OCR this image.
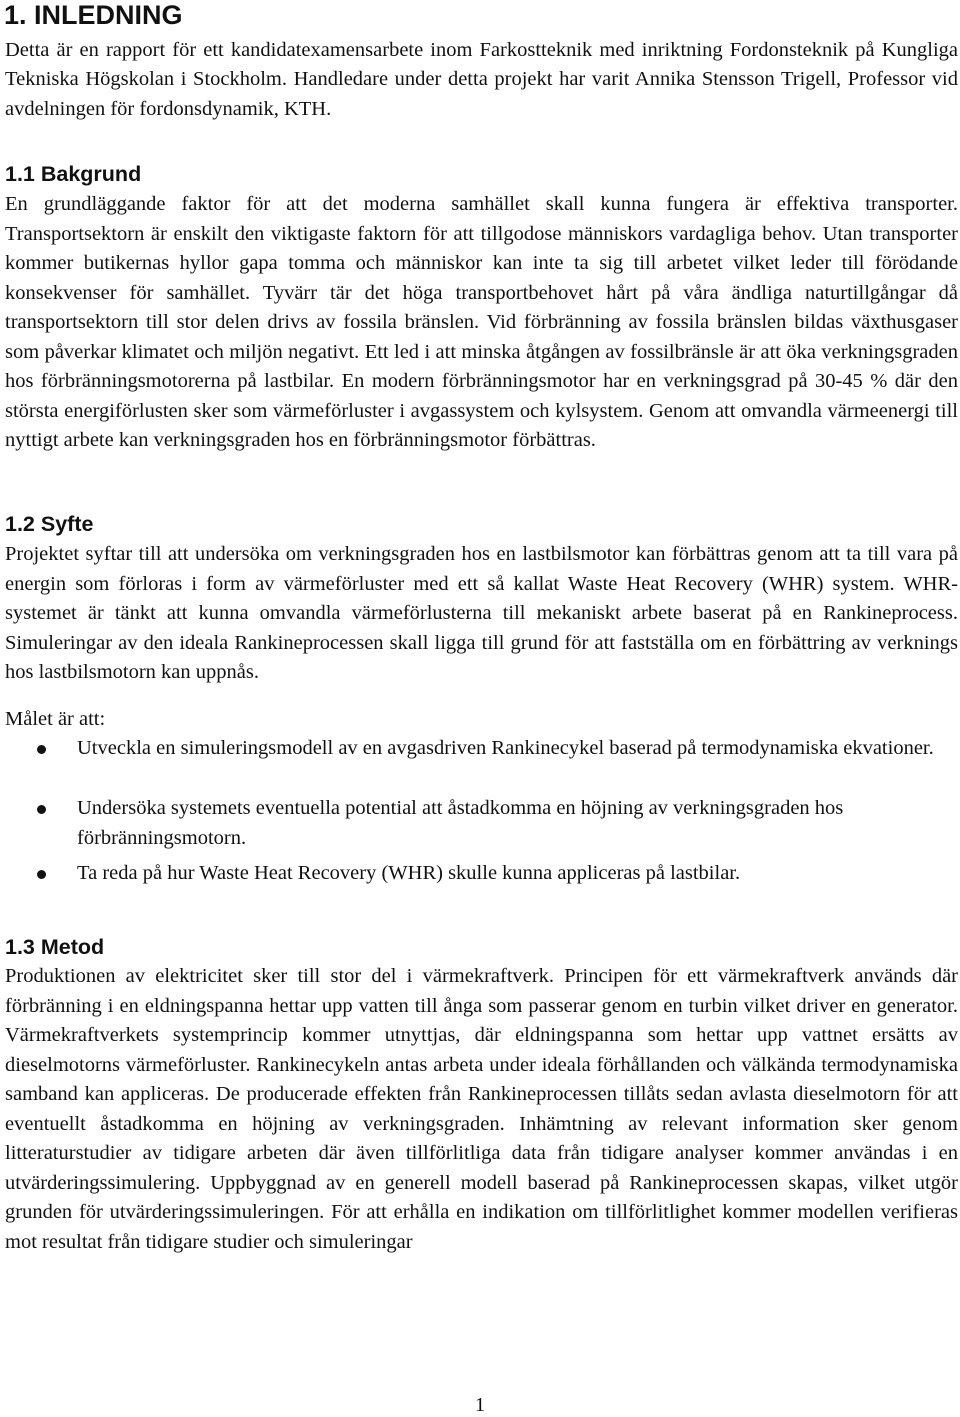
1. INLEDNING

Detta är en rapport för ett kandidatexamensarbete inom Farkostteknik med inriktning Fordonsteknik på Kungliga Tekniska Högskolan i Stockholm. Handledare under detta projekt har varit Annika Stensson Trigell, Professor vid avdelningen för fordonsdynamik, KTH.

1.1 Bakgrund

En grundläggande faktor för att det moderna samhället skall kunna fungera är effektiva transporter. Transportsektorn är enskilt den viktigaste faktorn för att tillgodose människors vardagliga behov. Utan transporter kommer butikernas hyllor gapa tomma och människor kan inte ta sig till arbetet vilket leder till förödande konsekvenser för samhället. Tyvärr tär det höga transportbehovet hårt på våra ändliga naturtillgångar då transportsektorn till stor delen drivs av fossila bränslen. Vid förbränning av fossila bränslen bildas växthusgaser som påverkar klimatet och miljön negativt. Ett led i att minska åtgången av fossilbränsle är att öka verkningsgraden hos förbränningsmotorerna på lastbilar. En modern förbränningsmotor har en verkningsgrad på 30-45 % där den största energiförlusten sker som värmeförluster i avgassystem och kylsystem. Genom att omvandla värmeenergi till nyttigt arbete kan verkningsgraden hos en förbränningsmotor förbättras.

1.2 Syfte

Projektet syftar till att undersöka om verkningsgraden hos en lastbilsmotor kan förbättras genom att ta till vara på energin som förloras i form av värmeförluster med ett så kallat Waste Heat Recovery (WHR) system. WHR-systemet är tänkt att kunna omvandla värmeförlusterna till mekaniskt arbete baserat på en Rankineprocess. Simuleringar av den ideala Rankineprocessen skall ligga till grund för att fastställa om en förbättring av verknings hos lastbilsmotorn kan uppnås.

Målet är att:

Utveckla en simuleringsmodell av en avgasdriven Rankinecykel baserad på termodynamiska ekvationer.
Undersöka systemets eventuella potential att åstadkomma en höjning av verkningsgraden hos förbränningsmotorn.
Ta reda på hur Waste Heat Recovery (WHR) skulle kunna appliceras på lastbilar.
1.3 Metod

Produktionen av elektricitet sker till stor del i värmekraftverk. Principen för ett värmekraftverk används där förbränning i en eldningspanna hettar upp vatten till ånga som passerar genom en turbin vilket driver en generator. Värmekraftverkets systemprincip kommer utnyttjas, där eldningspanna som hettar upp vattnet ersätts av dieselmotorns värmeförluster. Rankinecykeln antas arbeta under ideala förhållanden och välkända termodynamiska samband kan appliceras. De producerade effekten från Rankineprocessen tillåts sedan avlasta dieselmotorn för att eventuellt åstadkomma en höjning av verkningsgraden. Inhämtning av relevant information sker genom litteraturstudier av tidigare arbeten där även tillförlitliga data från tidigare analyser kommer användas i en utvärderingssimulering. Uppbyggnad av en generell modell baserad på Rankineprocessen skapas, vilket utgör grunden för utvärderingssimuleringen. För att erhålla en indikation om tillförlitlighet kommer modellen verifieras mot resultat från tidigare studier och simuleringar

1
